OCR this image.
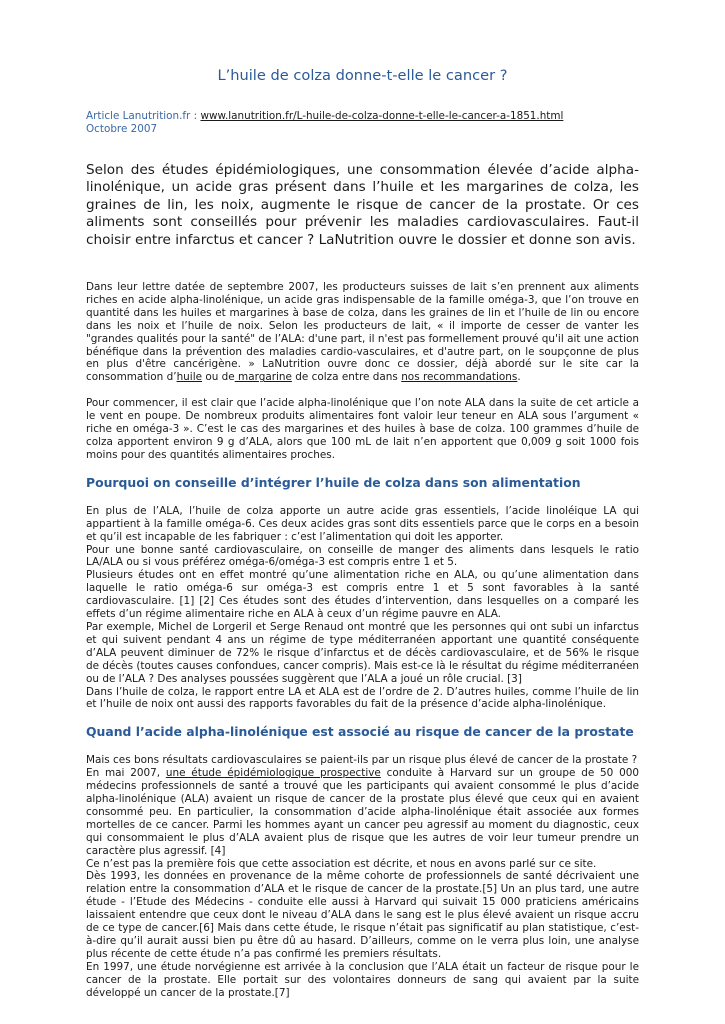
L’huile de colza donne-t-elle le cancer ?
Article Lanutrition.fr : www.lanutrition.fr/L-huile-de-colza-donne-t-elle-le-cancer-a-1851.html
Octobre 2007

Selon des études épidémiologiques, une consommation élevée d’acide alpha-linolénique, un acide gras présent dans l’huile et les margarines de colza, les graines de lin, les noix, augmente le risque de cancer de la prostate. Or ces aliments sont conseillés pour prévenir les maladies cardiovasculaires. Faut-il choisir entre infarctus et cancer ? LaNutrition ouvre le dossier et donne son avis.

Dans leur lettre datée de septembre 2007, les producteurs suisses de lait s’en prennent aux aliments riches en acide alpha-linolénique, un acide gras indispensable de la famille oméga-3, que l’on trouve en quantité dans les huiles et margarines à base de colza, dans les graines de lin et l’huile de lin ou encore dans les noix et l’huile de noix. Selon les producteurs de lait, « il importe de cesser de vanter les "grandes qualités pour la santé" de l’ALA: d'une part, il n'est pas formellement prouvé qu'il ait une action bénéfique dans la prévention des maladies cardio-vasculaires, et d'autre part, on le soupçonne de plus en plus d'être cancérigène. » LaNutrition ouvre donc ce dossier, déjà abordé sur le site car la consommation d’huile ou de margarine de colza entre dans nos recommandations.

Pour commencer, il est clair que l’acide alpha-linolénique que l’on note ALA dans la suite de cet article a le vent en poupe. De nombreux produits alimentaires font valoir leur teneur en ALA sous l’argument « riche en oméga-3 ». C’est le cas des margarines et des huiles à base de colza. 100 grammes d’huile de colza apportent environ 9 g d’ALA, alors que 100 mL de lait n’en apportent que 0,009 g soit 1000 fois moins pour des quantités alimentaires proches.

Pourquoi on conseille d’intégrer l’huile de colza dans son alimentation

En plus de l’ALA, l’huile de colza apporte un autre acide gras essentiels, l’acide linoléique LA qui appartient à la famille oméga-6. Ces deux acides gras sont dits essentiels parce que le corps en a besoin et qu’il est incapable de les fabriquer : c’est l’alimentation qui doit les apporter.

Pour une bonne santé cardiovasculaire, on conseille de manger des aliments dans lesquels le ratio LA/ALA ou si vous préférez oméga-6/oméga-3 est compris entre 1 et 5.

Plusieurs études ont en effet montré qu’une alimentation riche en ALA, ou qu’une alimentation dans laquelle le ratio oméga-6 sur oméga-3 est compris entre 1 et 5 sont favorables à la santé cardiovasculaire. [1] [2] Ces études sont des études d’intervention, dans lesquelles on a comparé les effets d’un régime alimentaire riche en ALA à ceux d’un régime pauvre en ALA.

Par exemple, Michel de Lorgeril et Serge Renaud ont montré que les personnes qui ont subi un infarctus et qui suivent pendant 4 ans un régime de type méditerranéen apportant une quantité conséquente d’ALA peuvent diminuer de 72% le risque d’infarctus et de décès cardiovasculaire, et de 56% le risque de décès (toutes causes confondues, cancer compris). Mais est-ce là le résultat du régime méditerranéen ou de l’ALA ? Des analyses poussées suggèrent que l’ALA a joué un rôle crucial. [3]

Dans l’huile de colza, le rapport entre LA et ALA est de l’ordre de 2. D’autres huiles, comme l’huile de lin et l’huile de noix ont aussi des rapports favorables du fait de la présence d’acide alpha-linolénique.

Quand l’acide alpha-linolénique est associé au risque de cancer de la prostate

Mais ces bons résultats cardiovasculaires se paient-ils par un risque plus élevé de cancer de la prostate ?

En mai 2007, une étude épidémiologique prospective conduite à Harvard sur un groupe de 50 000 médecins professionnels de santé a trouvé que les participants qui avaient consommé le plus d’acide alpha-linolénique (ALA) avaient un risque de cancer de la prostate plus élevé que ceux qui en avaient consommé peu. En particulier, la consommation d’acide alpha-linolénique était associée aux formes mortelles de ce cancer. Parmi les hommes ayant un cancer peu agressif au moment du diagnostic, ceux qui consommaient le plus d’ALA avaient plus de risque que les autres de voir leur tumeur prendre un caractère plus agressif. [4]

Ce n’est pas la première fois que cette association est décrite, et nous en avons parlé sur ce site.

Dès 1993, les données en provenance de la même cohorte de professionnels de santé décrivaient une relation entre la consommation d’ALA et le risque de cancer de la prostate.[5] Un an plus tard, une autre étude - l’Etude des Médecins - conduite elle aussi à Harvard qui suivait 15 000 praticiens américains laissaient entendre que ceux dont le niveau d’ALA dans le sang est le plus élevé avaient un risque accru de ce type de cancer.[6] Mais dans cette étude, le risque n’était pas significatif au plan statistique, c’est-à-dire qu’il aurait aussi bien pu être dû au hasard. D’ailleurs, comme on le verra plus loin, une analyse plus récente de cette étude n’a pas confirmé les premiers résultats.

En 1997, une étude norvégienne est arrivée à la conclusion que l’ALA était un facteur de risque pour le cancer de la prostate. Elle portait sur des volontaires donneurs de sang qui avaient par la suite développé un cancer de la prostate.[7]
